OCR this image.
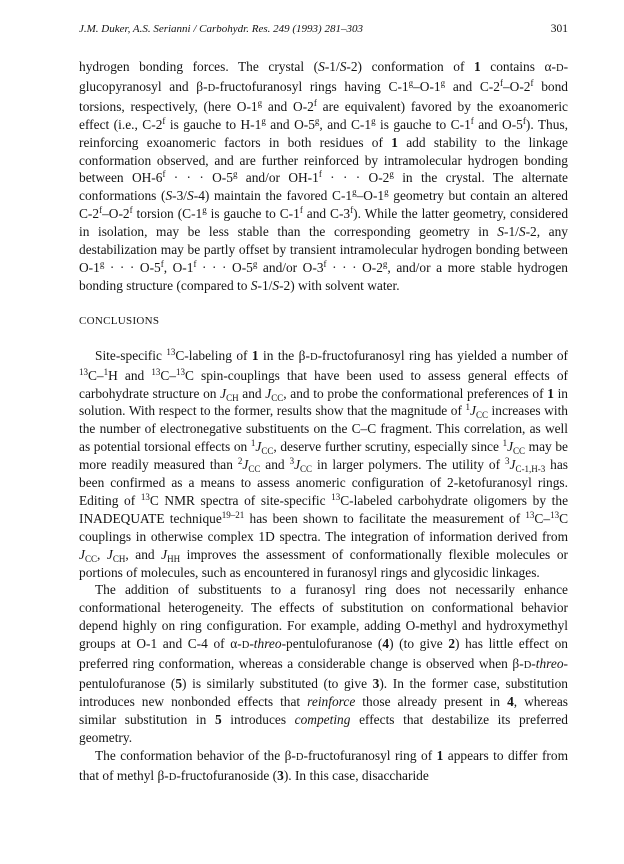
J.M. Duker, A.S. Serianni / Carbohydr. Res. 249 (1993) 281–303	301

hydrogen bonding forces. The crystal (S-1/S-2) conformation of 1 contains α-D-glucopyranosyl and β-D-fructofuranosyl rings having C-1$^g$–O-1$^g$ and C-2$^f$–O-2$^f$ bond torsions, respectively, (here O-1$^g$ and O-2$^f$ are equivalent) favored by the exoanomeric effect (i.e., C-2$^f$ is gauche to H-1$^g$ and O-5$^g$, and C-1$^g$ is gauche to C-1$^f$ and O-5$^f$). Thus, reinforcing exoanomeric factors in both residues of 1 add stability to the linkage conformation observed, and are further reinforced by intramolecular hydrogen bonding between $OH-6^f$ · · · $O-5^g$ and/or $OH-1^f$ · · · $O-2^g$ in the crystal. The alternate conformations (S-3/S-4) maintain the favored C-1$^g$–O-1$^g$ geometry but contain an altered C-2$^f$–O-2$^f$ torsion (C-1$^g$ is gauche to C-1$^f$ and C-3$^f$). While the latter geometry, considered in isolation, may be less stable than the corresponding geometry in S-1/S-2, any destabilization may be partly offset by transient intramolecular hydrogen bonding between $O-1^g$ · · · $O-5^f$, $O-1^f$ · · · $O-5^g$ and/or $O-3^f$ · · · $O-2^g$, and/or a more stable hydrogen bonding structure (compared to S-1/S-2) with solvent water.

CONCLUSIONS

Site-specific $^{13}$C-labeling of 1 in the β-D-fructofuranosyl ring has yielded a number of $^{13}$C–$^1$H and $^{13}$C–$^{13}$C spin-couplings that have been used to assess general effects of carbohydrate structure on $J_{CH}$ and $J_{CC}$, and to probe the conformational preferences of 1 in solution. With respect to the former, results show that the magnitude of $^1J_{CC}$ increases with the number of electronegative substituents on the C–C fragment. This correlation, as well as potential torsional effects on $^1J_{CC}$, deserve further scrutiny, especially since $^1J_{CC}$ may be more readily measured than $^2J_{CC}$ and $^3J_{CC}$ in larger polymers. The utility of $^3J_{C-1,H-3}$ has been confirmed as a means to assess anomeric configuration of 2-ketofuranosyl rings. Editing of $^{13}$C NMR spectra of site-specific $^{13}$C-labeled carbohydrate oligomers by the INADEQUATE technique$^{19-21}$ has been shown to facilitate the measurement of $^{13}$C–$^{13}$C couplings in otherwise complex 1D spectra. The integration of information derived from $J_{CC}$, $J_{CH}$, and $J_{HH}$ improves the assessment of conformationally flexible molecules or portions of molecules, such as encountered in furanosyl rings and glycosidic linkages.

The addition of substituents to a furanosyl ring does not necessarily enhance conformational heterogeneity. The effects of substitution on conformational behavior depend highly on ring configuration. For example, adding O-methyl and hydroxymethyl groups at O-1 and C-4 of α-D-threo-pentulofuranose (4) (to give 2) has little effect on preferred ring conformation, whereas a considerable change is observed when β-D-threo-pentulofuranose (5) is similarly substituted (to give 3). In the former case, substitution introduces new nonbonded effects that reinforce those already present in 4, whereas similar substitution in 5 introduces competing effects that destabilize its preferred geometry.

The conformation behavior of the β-D-fructofuranosyl ring of 1 appears to differ from that of methyl β-D-fructofuranoside (3). In this case, disaccharide
